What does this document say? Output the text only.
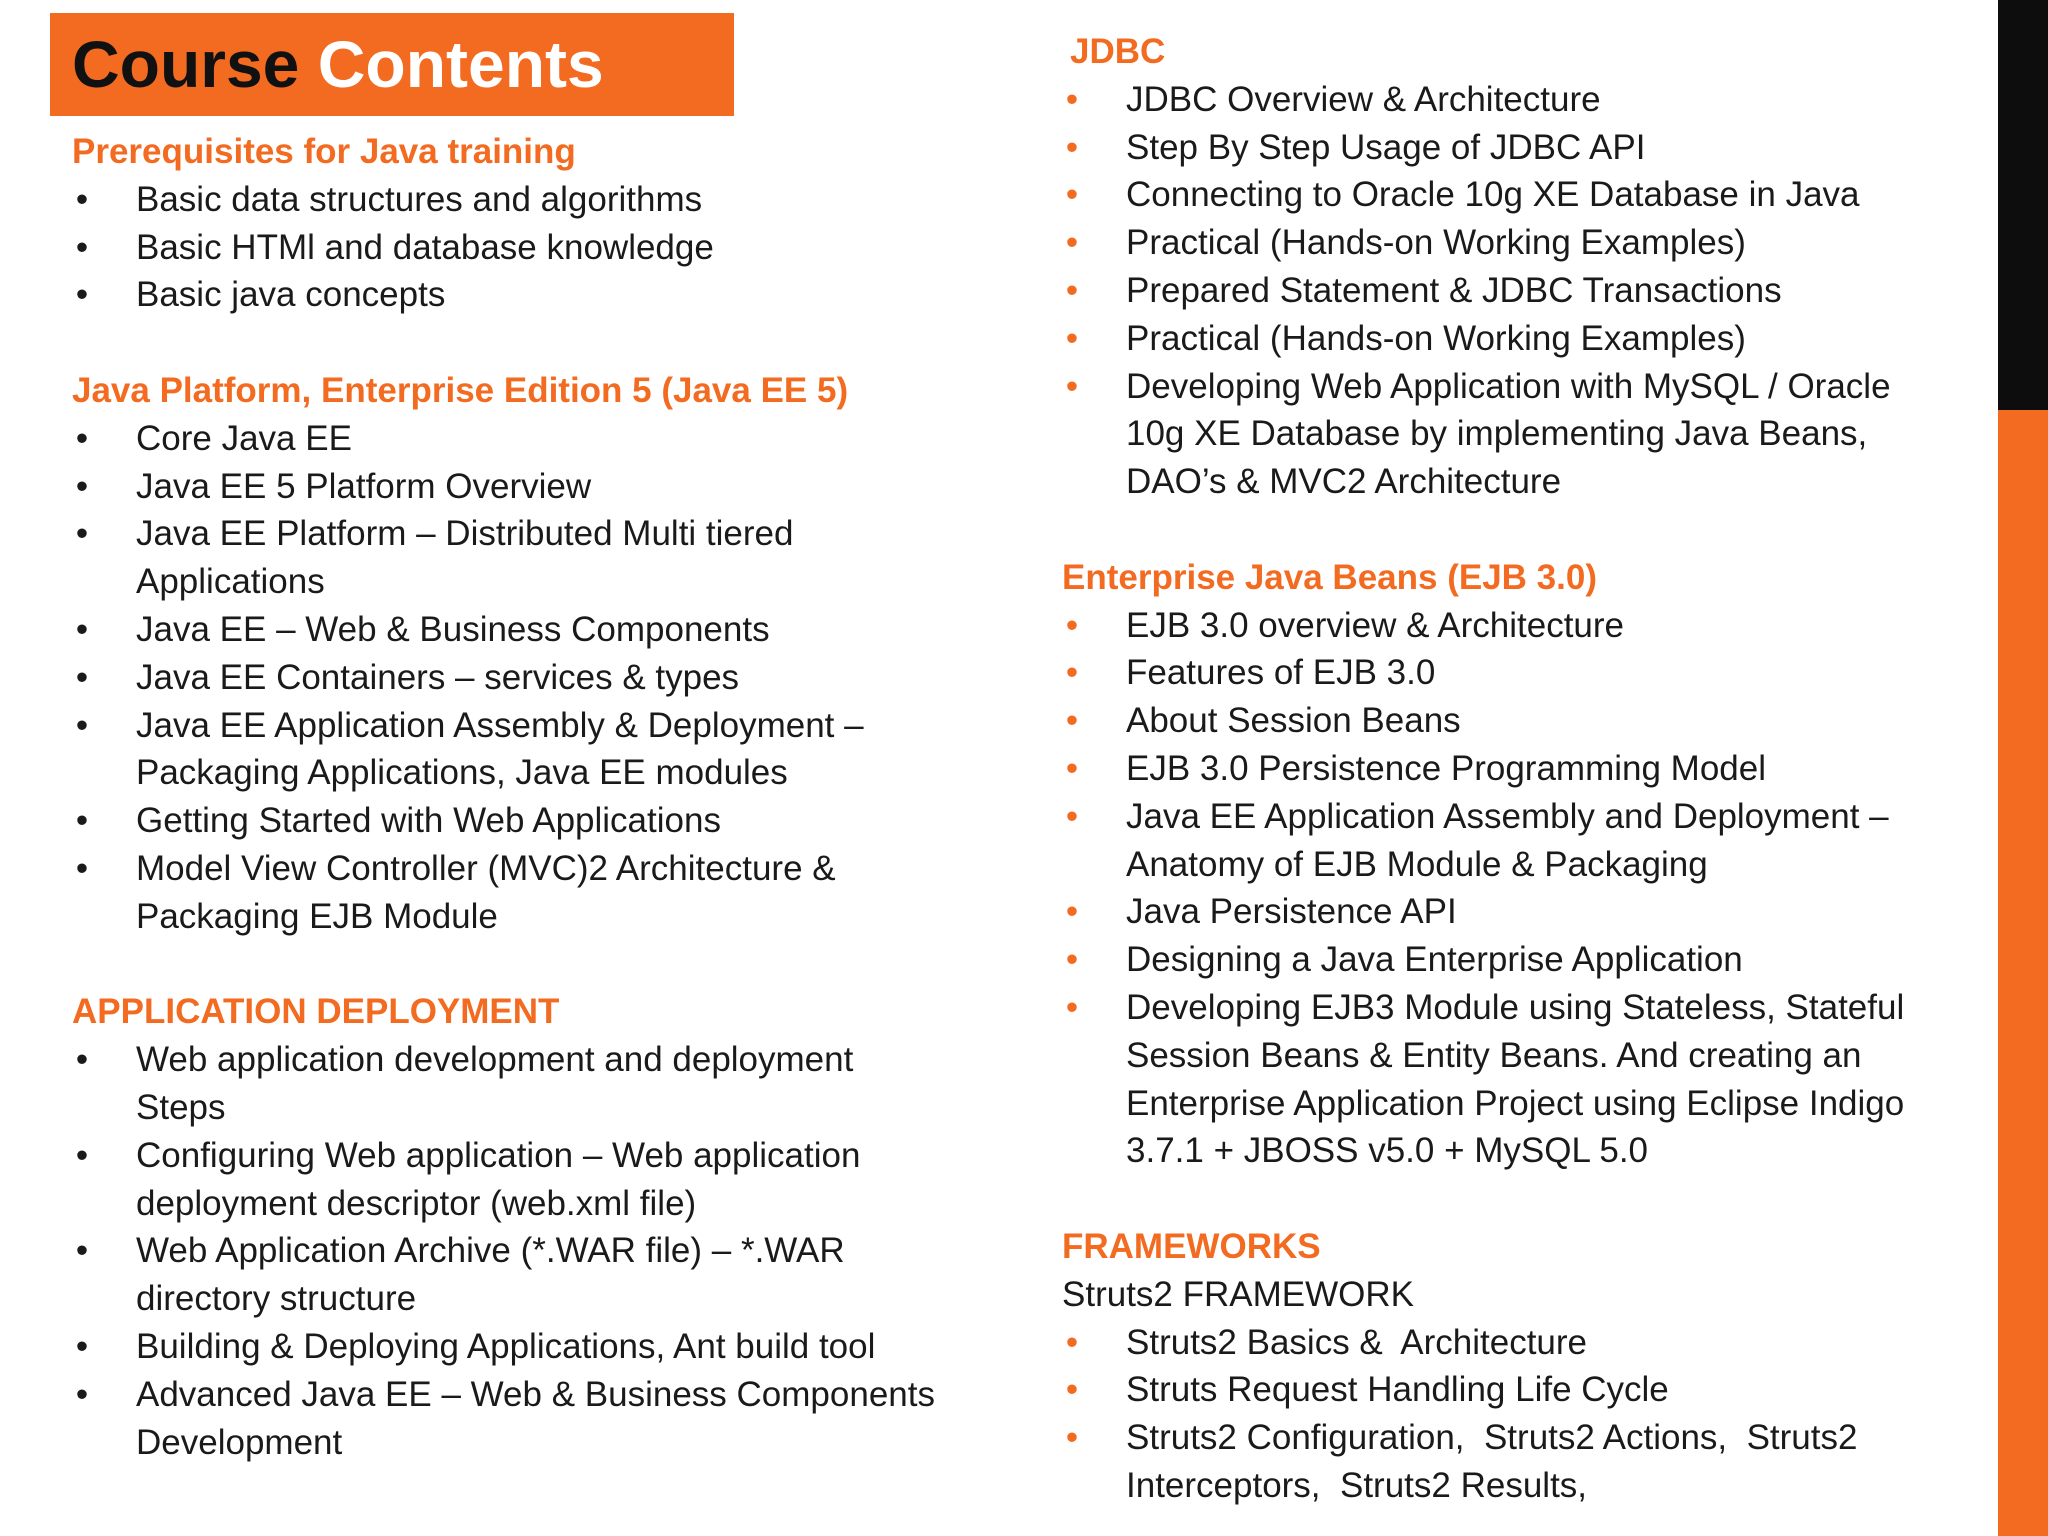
Course Contents
Prerequisites for Java training
• Basic data structures and algorithms
• Basic HTMl and database knowledge
• Basic java concepts
Java Platform, Enterprise Edition 5 (Java EE 5)
• Core Java EE
• Java EE 5 Platform Overview
• Java EE Platform – Distributed Multi tiered Applications
• Java EE – Web & Business Components
• Java EE Containers – services & types
• Java EE Application Assembly & Deployment – Packaging Applications, Java EE modules
• Getting Started with Web Applications
• Model View Controller (MVC)2 Architecture & Packaging EJB Module
APPLICATION DEPLOYMENT
• Web application development and deployment Steps
• Configuring Web application – Web application deployment descriptor (web.xml file)
• Web Application Archive (*.WAR file) – *.WAR directory structure
• Building & Deploying Applications, Ant build tool
• Advanced Java EE – Web & Business Components Development
JDBC
• JDBC Overview & Architecture
• Step By Step Usage of JDBC API
• Connecting to Oracle 10g XE Database in Java
• Practical (Hands-on Working Examples)
• Prepared Statement & JDBC Transactions
• Practical (Hands-on Working Examples)
• Developing Web Application with MySQL / Oracle 10g XE Database by implementing Java Beans, DAO’s & MVC2 Architecture
Enterprise Java Beans (EJB 3.0)
• EJB 3.0 overview & Architecture
• Features of EJB 3.0
• About Session Beans
• EJB 3.0 Persistence Programming Model
• Java EE Application Assembly and Deployment – Anatomy of EJB Module & Packaging
• Java Persistence API
• Designing a Java Enterprise Application
• Developing EJB3 Module using Stateless, Stateful Session Beans & Entity Beans. And creating an Enterprise Application Project using Eclipse Indigo 3.7.1 + JBOSS v5.0 + MySQL 5.0
FRAMEWORKS
Struts2 FRAMEWORK
• Struts2 Basics &  Architecture
• Struts Request Handling Life Cycle
• Struts2 Configuration,  Struts2 Actions,  Struts2 Interceptors,  Struts2 Results,
